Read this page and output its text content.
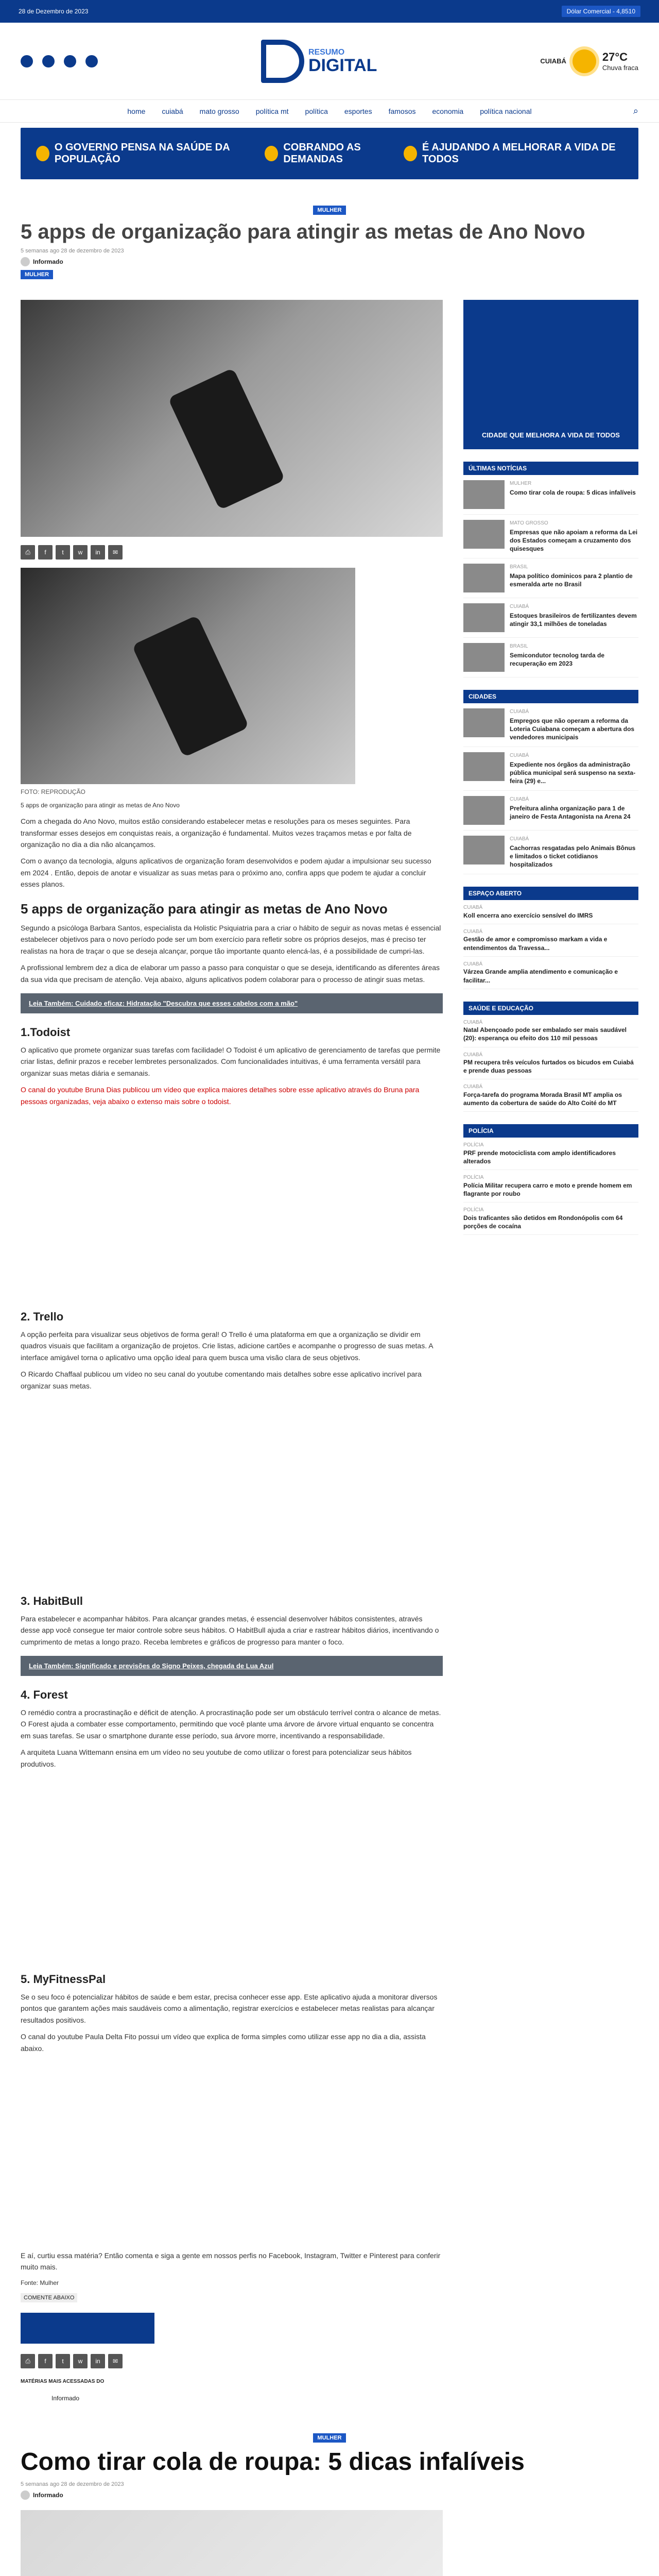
28 de Dezembro de 2023	Dólar Comercial - 4,8510
RESUMO
DIGITAL	CUIABÁ	27°C
Chuva fraca
home	cuiabá	mato grosso	política mt	política	esportes	famosos	economia	política nacional	⌕
O GOVERNO PENSA NA SAÚDE DA POPULAÇÃO
COBRANDO AS DEMANDAS
É AJUDANDO A MELHORAR A VIDA DE TODOS
MULHER
5 apps de organização para atingir as metas de Ano Novo
5 semanas ago 28 de dezembro de 2023
Informado
MULHER
⎙	f	t	w	in	✉
FOTO: REPRODUÇÃO

5 apps de organização para atingir as metas de Ano Novo

Com a chegada do Ano Novo, muitos estão considerando estabelecer metas e resoluções para os meses seguintes. Para transformar esses desejos em conquistas reais, a organização é fundamental. Muitos vezes traçamos metas e por falta de organização no dia a dia não alcançamos.

Com o avanço da tecnologia, alguns aplicativos de organização foram desenvolvidos e podem ajudar a impulsionar seu sucesso em 2024 . Então, depois de anotar e visualizar as suas metas para o próximo ano, confira apps que podem te ajudar a concluir esses planos.

5 apps de organização para atingir as metas de Ano Novo

Segundo a psicóloga Barbara Santos, especialista da Holistic Psiquiatria para a criar o hábito de seguir as novas metas é essencial estabelecer objetivos para o novo período pode ser um bom exercício para refletir sobre os próprios desejos, mas é preciso ter realistas na hora de traçar o que se deseja alcançar, porque tão importante quanto elencá-las, é a possibilidade de cumpri-las.

A profissional lembrem dez a dica de elaborar um passo a passo para conquistar o que se deseja, identificando as diferentes áreas da sua vida que precisam de atenção. Veja abaixo, alguns aplicativos podem colaborar para o processo de atingir suas metas.

Leia Também: Cuidado eficaz: Hidratação "Descubra que esses cabelos com a mão"
1.Todoist

O aplicativo que promete organizar suas tarefas com facilidade! O Todoist é um aplicativo de gerenciamento de tarefas que permite criar listas, definir prazos e receber lembretes personalizados. Com funcionalidades intuitivas, é uma ferramenta versátil para organizar suas metas diária e semanais.

O canal do youtube Bruna Dias publicou um vídeo que explica maiores detalhes sobre esse aplicativo através do Bruna para pessoas organizadas, veja abaixo o extenso mais sobre o todoist.

2. Trello

A opção perfeita para visualizar seus objetivos de forma geral! O Trello é uma plataforma em que a organização se dividir em quadros visuais que facilitam a organização de projetos. Crie listas, adicione cartões e acompanhe o progresso de suas metas. A interface amigável torna o aplicativo uma opção ideal para quem busca uma visão clara de seus objetivos.

O Ricardo Chaffaal publicou um vídeo no seu canal do youtube comentando mais detalhes sobre esse aplicativo incrível para organizar suas metas.

3. HabitBull

Para estabelecer e acompanhar hábitos. Para alcançar grandes metas, é essencial desenvolver hábitos consistentes, através desse app você consegue ter maior controle sobre seus hábitos. O HabitBull ajuda a criar e rastrear hábitos diários, incentivando o cumprimento de metas a longo prazo. Receba lembretes e gráficos de progresso para manter o foco.

Leia Também: Significado e previsões do Signo Peixes, chegada de Lua Azul
4. Forest

O remédio contra a procrastinação e déficit de atenção. A procrastinação pode ser um obstáculo terrível contra o alcance de metas. O Forest ajuda a combater esse comportamento, permitindo que você plante uma árvore de árvore virtual enquanto se concentra em suas tarefas. Se usar o smartphone durante esse período, sua árvore morre, incentivando a responsabilidade.

A arquiteta Luana Wittemann ensina em um vídeo no seu youtube de como utilizar o forest para potencializar seus hábitos produtivos.

5. MyFitnessPal

Se o seu foco é potencializar hábitos de saúde e bem estar, precisa conhecer esse app. Este aplicativo ajuda a monitorar diversos pontos que garantem ações mais saudáveis como a alimentação, registrar exercícios e estabelecer metas realistas para alcançar resultados positivos.

O canal do youtube Paula Delta Fito possui um vídeo que explica de forma simples como utilizar esse app no dia a dia, assista abaixo.

E aí, curtiu essa matéria? Então comenta e siga a gente em nossos perfis no Facebook, Instagram, Twitter e Pinterest para conferir muito mais.

Fonte: Mulher

COMENTE ABAIXO
⎙	f	t	w	in	✉
MATÉRIAS MAIS ACESSADAS DO
Informado
CIDADE QUE MELHORA A VIDA DE TODOS
ÚLTIMAS NOTÍCIAS
MULHER
Como tirar cola de roupa: 5 dicas infalíveis
MATO GROSSO
Empresas que não apoiam a reforma da Lei dos Estados começam a cruzamento dos quisesques
BRASIL
Mapa político dominicos para 2 plantio de esmeralda arte no Brasil
CUIABÁ
Estoques brasileiros de fertilizantes devem atingir 33,1 milhões de toneladas
BRASIL
Semicondutor tecnolog tarda de recuperação em 2023
CIDADES
CUIABÁ
Empregos que não operam a reforma da Loteria Cuiabana começam a abertura dos vendedores municipais
CUIABÁ
Expediente nos órgãos da administração pública municipal será suspenso na sexta-feira (29) e...
CUIABÁ
Prefeitura alinha organização para 1 de janeiro de Festa Antagonista na Arena 24
CUIABÁ
Cachorras resgatadas pelo Animais Bônus e limitados o ticket cotidianos hospitalizados
ESPAÇO ABERTO
CUIABÁ
Koll encerra ano exercício sensível do IMRS
CUIABÁ
Gestão de amor e compromisso markam a vida e entendimentos da Travessa...
CUIABÁ
Várzea Grande amplia atendimento e comunicação e facilitar...
SAÚDE E EDUCAÇÃO
CUIABÁ
Natal Abençoado pode ser embalado ser mais saudável (20): esperança ou efeito dos 110 mil pessoas
CUIABÁ
PM recupera três veículos furtados os bicudos em Cuiabá e prende duas pessoas
CUIABÁ
Força-tarefa do programa Morada Brasil MT amplia os aumento da cobertura de saúde do Alto Coité do MT
POLÍCIA
POLÍCIA
PRF prende motociclista com amplo identificadores alterados
POLÍCIA
Polícia Militar recupera carro e moto e prende homem em flagrante por roubo
POLÍCIA
Dois traficantes são detidos em Rondonópolis com 64 porções de cocaína
MULHER
Como tirar cola de roupa: 5 dicas infalíveis
5 semanas ago 28 de dezembro de 2023
Informado
